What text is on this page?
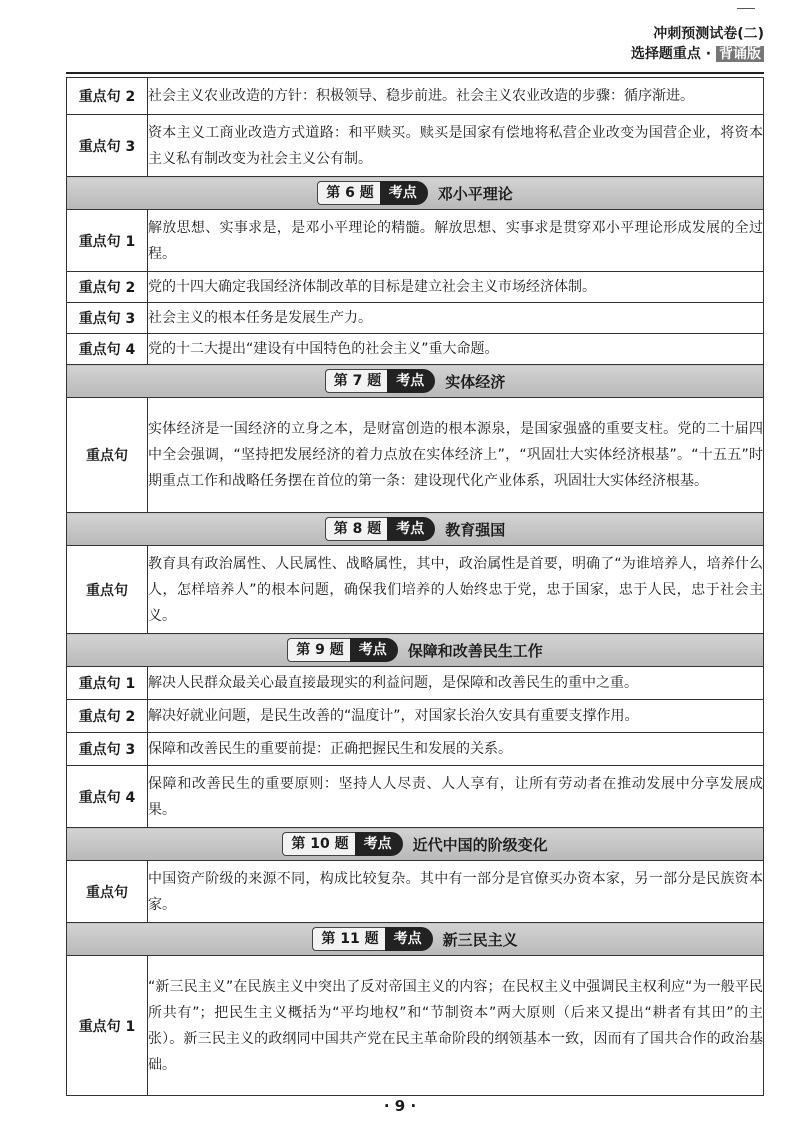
冲刺预测试卷(二)
选择题重点 · 背诵版
重点句 2	社会主义农业改造的方针：积极领导、稳步前进。社会主义农业改造的步骤：循序渐进。
重点句 3	资本主义工商业改造方式道路：和平赎买。赎买是国家有偿地将私营企业改变为国营企业，将资本主义私有制改变为社会主义公有制。

第 6 题 考点 邓小平理论	
重点句 1	解放思想、实事求是，是邓小平理论的精髓。解放思想、实事求是贯穿邓小平理论形成发展的全过程。
重点句 2	党的十四大确定我国经济体制改革的目标是建立社会主义市场经济体制。
重点句 3	社会主义的根本任务是发展生产力。
重点句 4	党的十二大提出“建设有中国特色的社会主义”重大命题。

第 7 题 考点 实体经济	
重点句	实体经济是一国经济的立身之本，是财富创造的根本源泉，是国家强盛的重要支柱。党的二十届四中全会强调，“坚持把发展经济的着力点放在实体经济上”，“巩固壮大实体经济根基”。“十五五”时期重点工作和战略任务摆在首位的第一条：建设现代化产业体系，巩固壮大实体经济根基。

第 8 题 考点 教育强国	
重点句	教育具有政治属性、人民属性、战略属性，其中，政治属性是首要，明确了“为谁培养人，培养什么人，怎样培养人”的根本问题，确保我们培养的人始终忠于党，忠于国家，忠于人民，忠于社会主义。

第 9 题 考点 保障和改善民生工作	
重点句 1	解决人民群众最关心最直接最现实的利益问题，是保障和改善民生的重中之重。
重点句 2	解决好就业问题，是民生改善的“温度计”，对国家长治久安具有重要支撑作用。
重点句 3	保障和改善民生的重要前提：正确把握民生和发展的关系。
重点句 4	保障和改善民生的重要原则：坚持人人尽责、人人享有，让所有劳动者在推动发展中分享发展成果。

第 10 题 考点 近代中国的阶级变化	
重点句	中国资产阶级的来源不同，构成比较复杂。其中有一部分是官僚买办资本家，另一部分是民族资本家。

第 11 题 考点 新三民主义	
重点句 1	“新三民主义”在民族主义中突出了反对帝国主义的内容；在民权主义中强调民主权利应“为一般平民所共有”；把民生主义概括为“平均地权”和“节制资本”两大原则（后来又提出“耕者有其田”的主张）。新三民主义的政纲同中国共产党在民主革命阶段的纲领基本一致，因而有了国共合作的政治基础。
· 9 ·
